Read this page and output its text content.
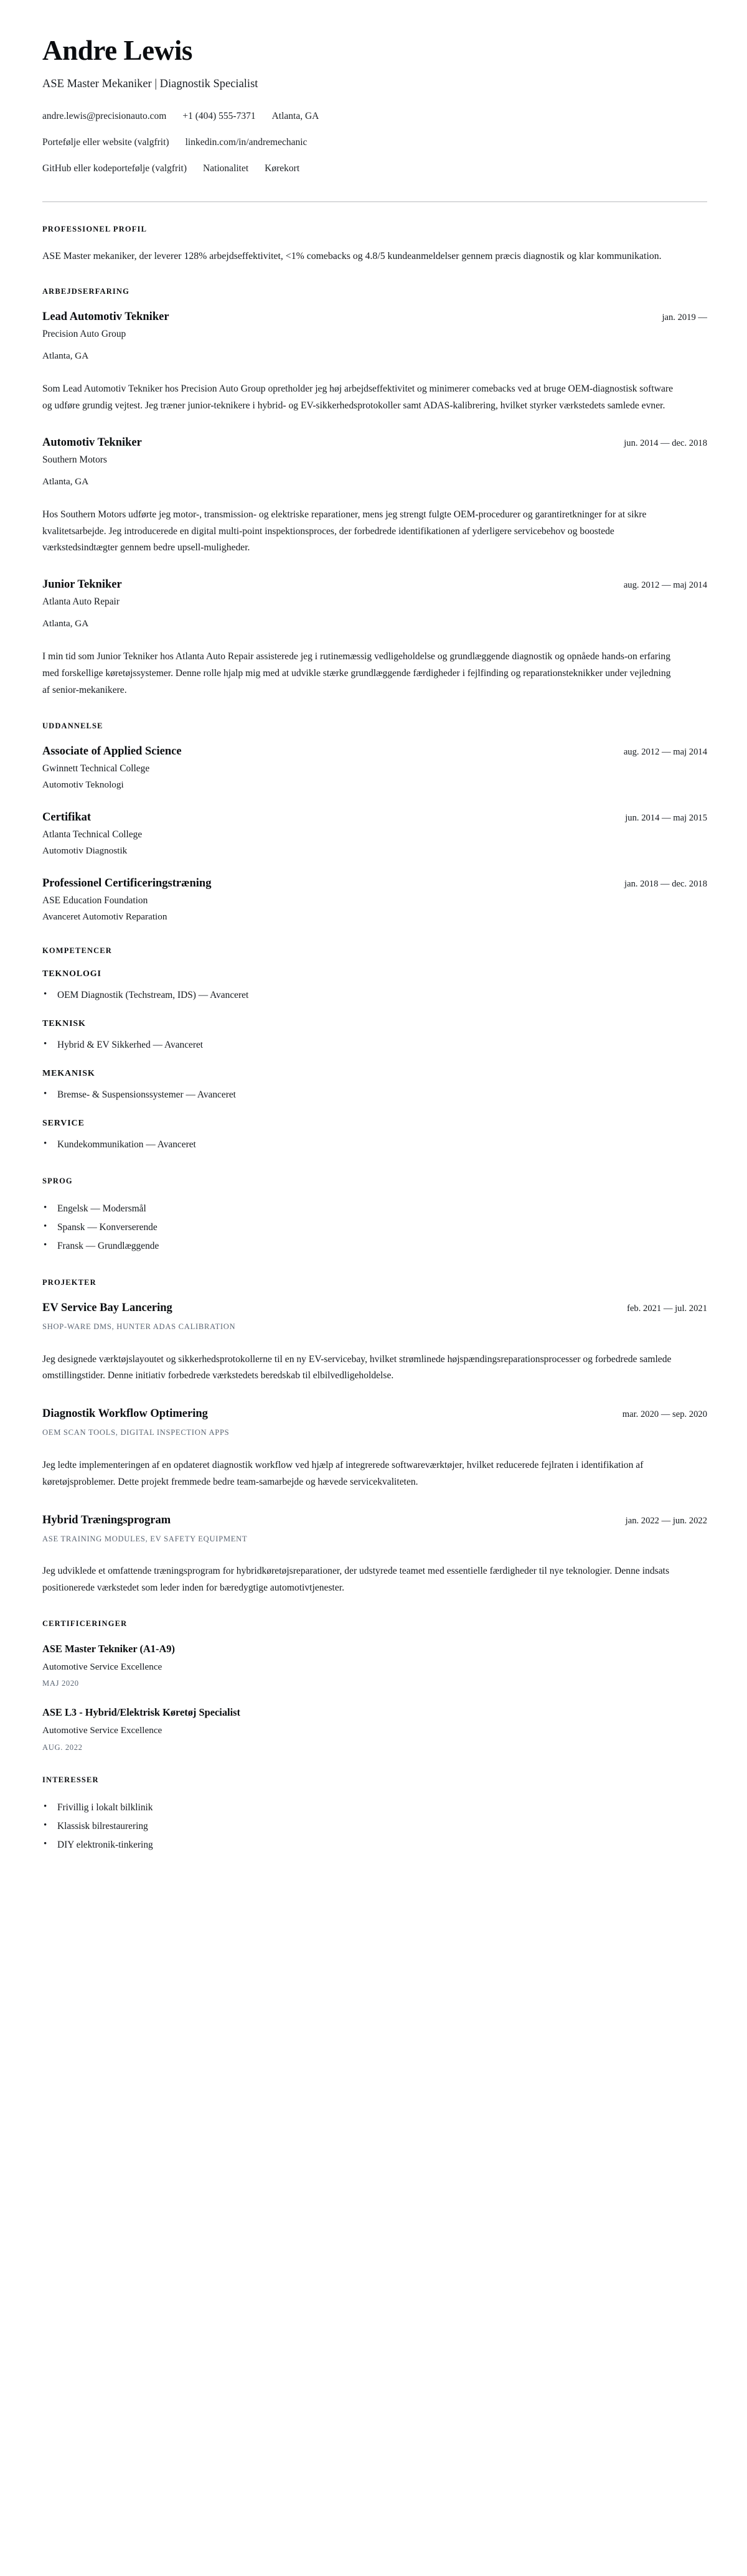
Andre Lewis
ASE Master Mekaniker | Diagnostik Specialist
andre.lewis@precisionauto.com +1 (404) 555-7371 Atlanta, GA
Portefølje eller website (valgfrit) linkedin.com/in/andremechanic
GitHub eller kodeportefølje (valgfrit) Nationalitet Kørekort
PROFESSIONEL PROFIL

ASE Master mekaniker, der leverer 128% arbejdseffektivitet, <1% comebacks og 4.8/5 kundeanmeldelser gennem præcis diagnostik og klar kommunikation.

ARBEJDSERFARING
Lead Automotiv Tekniker	jan. 2019 —
Precision Auto Group
Atlanta, GA

Som Lead Automotiv Tekniker hos Precision Auto Group opretholder jeg høj arbejdseffektivitet og minimerer comebacks ved at bruge OEM-diagnostisk software og udføre grundig vejtest. Jeg træner junior-teknikere i hybrid- og EV-sikkerhedsprotokoller samt ADAS-kalibrering, hvilket styrker værkstedets samlede evner.

Automotiv Tekniker	jun. 2014 — dec. 2018
Southern Motors
Atlanta, GA

Hos Southern Motors udførte jeg motor-, transmission- og elektriske reparationer, mens jeg strengt fulgte OEM-procedurer og garantiretkninger for at sikre kvalitetsarbejde. Jeg introducerede en digital multi-point inspektionsproces, der forbedrede identifikationen af yderligere servicebehov og boostede værkstedsindtægter gennem bedre upsell-muligheder.

Junior Tekniker	aug. 2012 — maj 2014
Atlanta Auto Repair
Atlanta, GA

I min tid som Junior Tekniker hos Atlanta Auto Repair assisterede jeg i rutinemæssig vedligeholdelse og grundlæggende diagnostik og opnåede hands-on erfaring med forskellige køretøjssystemer. Denne rolle hjalp mig med at udvikle stærke grundlæggende færdigheder i fejlfinding og reparationsteknikker under vejledning af senior-mekanikere.

UDDANNELSE
Associate of Applied Science	aug. 2012 — maj 2014
Gwinnett Technical College
Automotiv Teknologi
Certifikat	jun. 2014 — maj 2015
Atlanta Technical College
Automotiv Diagnostik
Professionel Certificeringstræning	jan. 2018 — dec. 2018
ASE Education Foundation
Avanceret Automotiv Reparation
KOMPETENCER
TEKNOLOGI
• OEM Diagnostik (Techstream, IDS) — Avanceret
TEKNISK
• Hybrid & EV Sikkerhed — Avanceret
MEKANISK
• Bremse- & Suspensionssystemer — Avanceret
SERVICE
• Kundekommunikation — Avanceret
SPROG
• Engelsk — Modersmål
• Spansk — Konverserende
• Fransk — Grundlæggende
PROJEKTER
EV Service Bay Lancering	feb. 2021 — jul. 2021
SHOP-WARE DMS, HUNTER ADAS CALIBRATION

Jeg designede værktøjslayoutet og sikkerhedsprotokollerne til en ny EV-servicebay, hvilket strømlinede højspændingsreparationsprocesser og forbedrede samlede omstillingstider. Denne initiativ forbedrede værkstedets beredskab til elbilvedligeholdelse.

Diagnostik Workflow Optimering	mar. 2020 — sep. 2020
OEM SCAN TOOLS, DIGITAL INSPECTION APPS

Jeg ledte implementeringen af en opdateret diagnostik workflow ved hjælp af integrerede softwareværktøjer, hvilket reducerede fejlraten i identifikation af køretøjsproblemer. Dette projekt fremmede bedre team-samarbejde og hævede servicekvaliteten.

Hybrid Træningsprogram	jan. 2022 — jun. 2022
ASE TRAINING MODULES, EV SAFETY EQUIPMENT

Jeg udviklede et omfattende træningsprogram for hybridkøretøjsreparationer, der udstyrede teamet med essentielle færdigheder til nye teknologier. Denne indsats positionerede værkstedet som leder inden for bæredygtige automotivtjenester.

CERTIFICERINGER
ASE Master Tekniker (A1-A9)
Automotive Service Excellence
MAJ 2020
ASE L3 - Hybrid/Elektrisk Køretøj Specialist
Automotive Service Excellence
AUG. 2022
INTERESSER
• Frivillig i lokalt bilklinik
• Klassisk bilrestaurering
• DIY elektronik-tinkering
